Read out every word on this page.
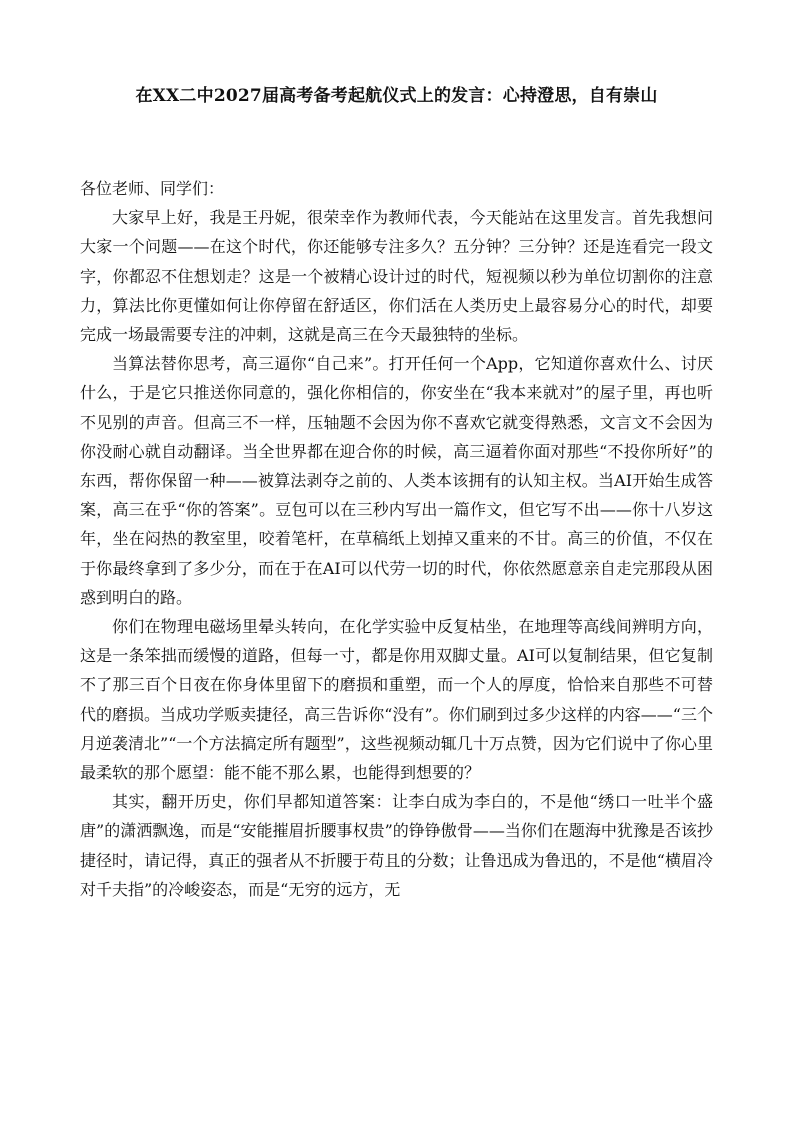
在XX二中2027届高考备考起航仪式上的发言：心持澄思，自有崇山

各位老师、同学们：

大家早上好，我是王丹妮，很荣幸作为教师代表，今天能站在这里发言。首先我想问大家一个问题——在这个时代，你还能够专注多久？五分钟？三分钟？还是连看完一段文字，你都忍不住想划走？这是一个被精心设计过的时代，短视频以秒为单位切割你的注意力，算法比你更懂如何让你停留在舒适区，你们活在人类历史上最容易分心的时代，却要完成一场最需要专注的冲刺，这就是高三在今天最独特的坐标。

当算法替你思考，高三逼你“自己来”。打开任何一个App，它知道你喜欢什么、讨厌什么，于是它只推送你同意的，强化你相信的，你安坐在“我本来就对”的屋子里，再也听不见别的声音。但高三不一样，压轴题不会因为你不喜欢它就变得熟悉，文言文不会因为你没耐心就自动翻译。当全世界都在迎合你的时候，高三逼着你面对那些“不投你所好”的东西，帮你保留一种——被算法剥夺之前的、人类本该拥有的认知主权。当AI开始生成答案，高三在乎“你的答案”。豆包可以在三秒内写出一篇作文，但它写不出——你十八岁这年，坐在闷热的教室里，咬着笔杆，在草稿纸上划掉又重来的不甘。高三的价值，不仅在于你最终拿到了多少分，而在于在AI可以代劳一切的时代，你依然愿意亲自走完那段从困惑到明白的路。

你们在物理电磁场里晕头转向，在化学实验中反复枯坐，在地理等高线间辨明方向，这是一条笨拙而缓慢的道路，但每一寸，都是你用双脚丈量。AI可以复制结果，但它复制不了那三百个日夜在你身体里留下的磨损和重塑，而一个人的厚度，恰恰来自那些不可替代的磨损。当成功学贩卖捷径，高三告诉你“没有”。你们刷到过多少这样的内容——“三个月逆袭清北”“一个方法搞定所有题型”，这些视频动辄几十万点赞，因为它们说中了你心里最柔软的那个愿望：能不能不那么累，也能得到想要的？

其实，翻开历史，你们早都知道答案：让李白成为李白的，不是他“绣口一吐半个盛唐”的潇洒飘逸，而是“安能摧眉折腰事权贵”的铮铮傲骨——当你们在题海中犹豫是否该抄捷径时，请记得，真正的强者从不折腰于苟且的分数；让鲁迅成为鲁迅的，不是他“横眉冷对千夫指”的冷峻姿态，而是“无穷的远方，无
